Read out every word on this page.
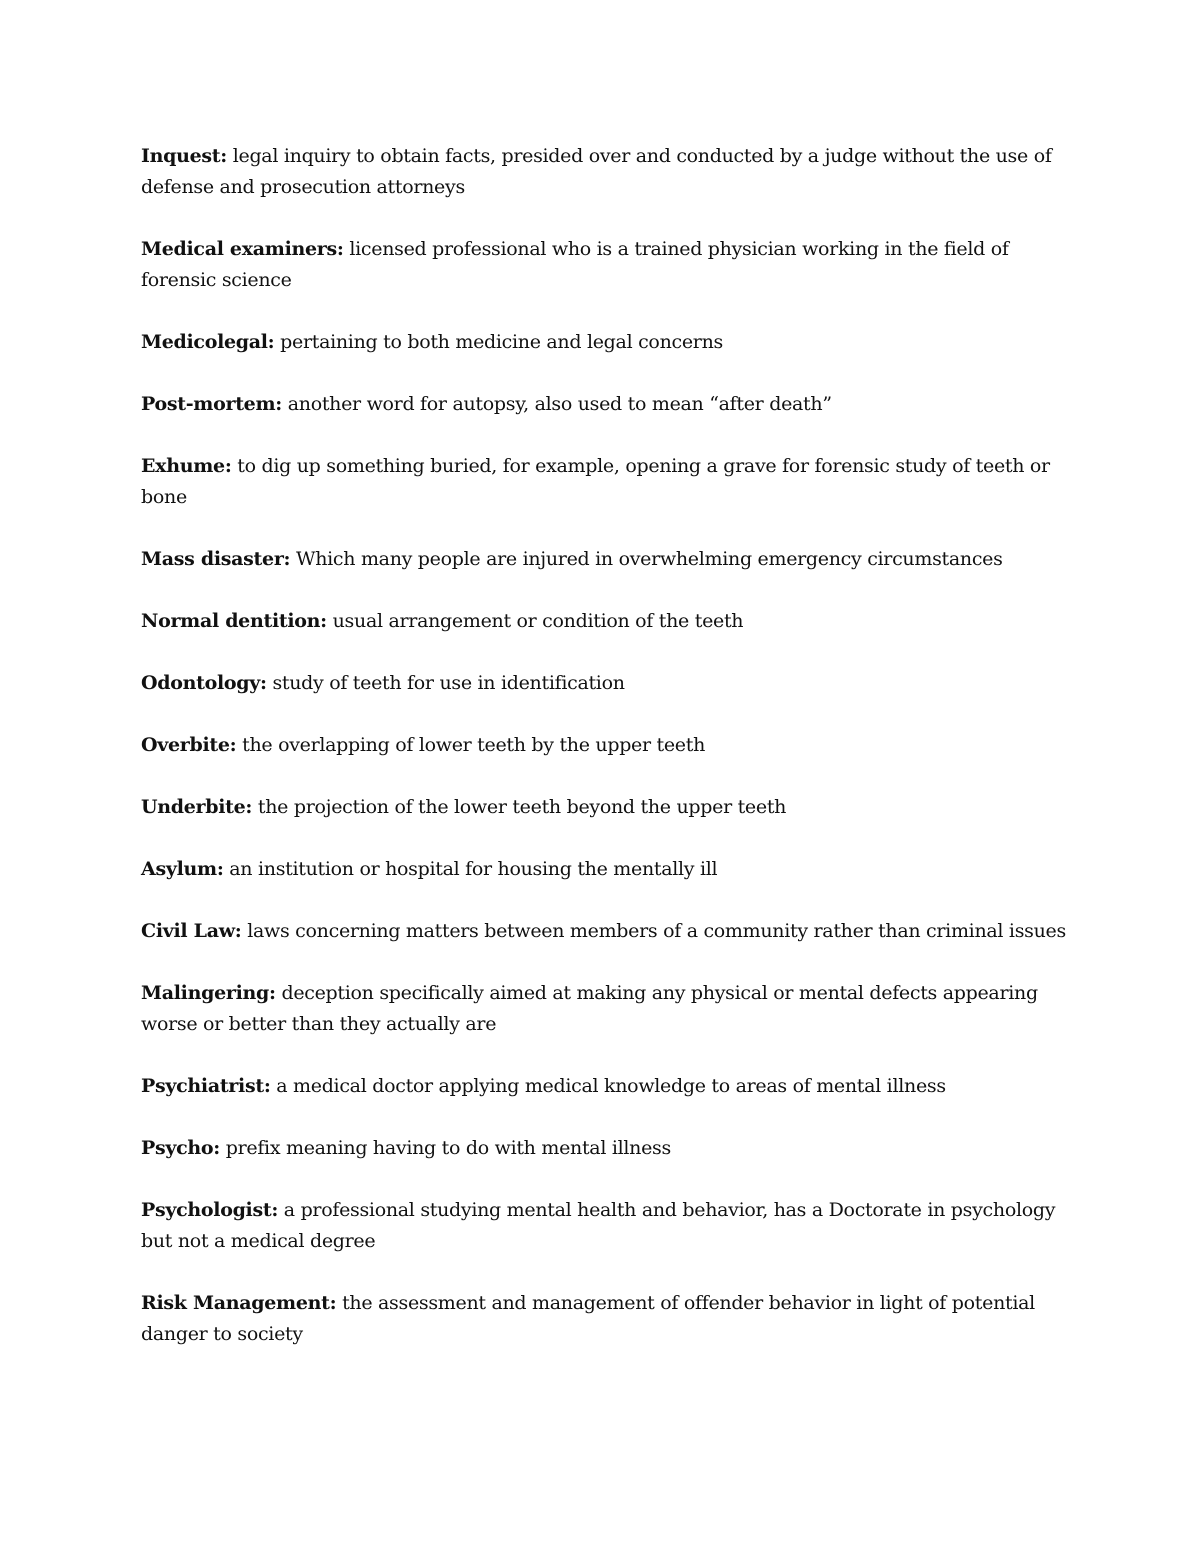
Inquest: legal inquiry to obtain facts, presided over and conducted by a judge without the use of defense and prosecution attorneys

Medical examiners: licensed professional who is a trained physician working in the field of forensic science

Medicolegal: pertaining to both medicine and legal concerns

Post-mortem: another word for autopsy, also used to mean “after death”

Exhume: to dig up something buried, for example, opening a grave for forensic study of teeth or bone

Mass disaster: Which many people are injured in overwhelming emergency circumstances

Normal dentition: usual arrangement or condition of the teeth

Odontology: study of teeth for use in identification

Overbite: the overlapping of lower teeth by the upper teeth

Underbite: the projection of the lower teeth beyond the upper teeth

Asylum: an institution or hospital for housing the mentally ill

Civil Law: laws concerning matters between members of a community rather than criminal issues

Malingering: deception specifically aimed at making any physical or mental defects appearing worse or better than they actually are

Psychiatrist: a medical doctor applying medical knowledge to areas of mental illness

Psycho: prefix meaning having to do with mental illness

Psychologist: a professional studying mental health and behavior, has a Doctorate in psychology but not a medical degree

Risk Management: the assessment and management of offender behavior in light of potential danger to society
